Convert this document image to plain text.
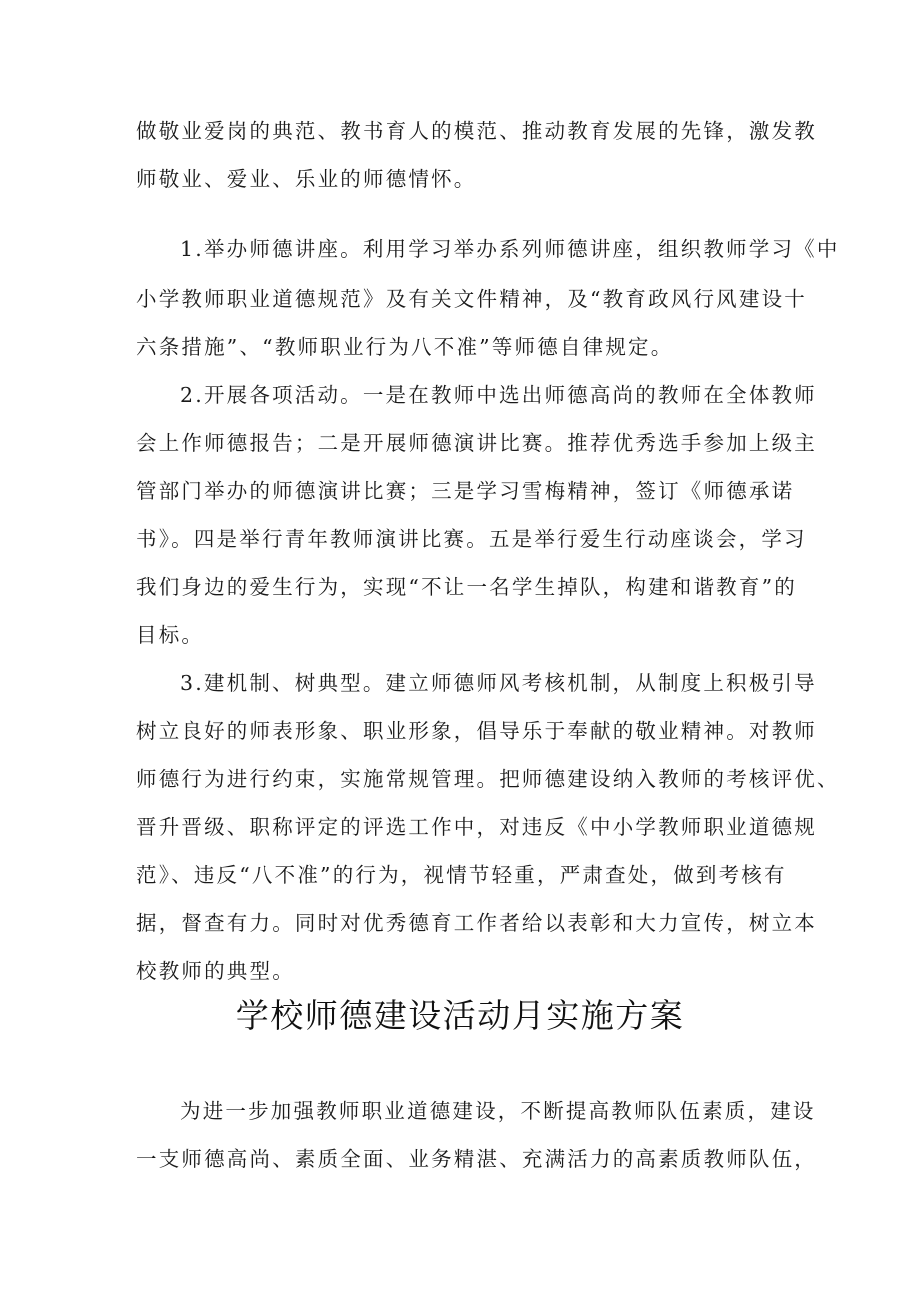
做敬业爱岗的典范、教书育人的模范、推动教育发展的先锋，激发教
师敬业、爱业、乐业的师德情怀。
1.举办师德讲座。利用学习举办系列师德讲座，组织教师学习《中
小学教师职业道德规范》及有关文件精神，及“教育政风行风建设十
六条措施”、“教师职业行为八不准”等师德自律规定。
2.开展各项活动。一是在教师中选出师德高尚的教师在全体教师
会上作师德报告；二是开展师德演讲比赛。推荐优秀选手参加上级主
管部门举办的师德演讲比赛；三是学习雪梅精神，签订《师德承诺
书》。四是举行青年教师演讲比赛。五是举行爱生行动座谈会，学习
我们身边的爱生行为，实现“不让一名学生掉队，构建和谐教育”的
目标。
3.建机制、树典型。建立师德师风考核机制，从制度上积极引导
树立良好的师表形象、职业形象，倡导乐于奉献的敬业精神。对教师
师德行为进行约束，实施常规管理。把师德建设纳入教师的考核评优、
晋升晋级、职称评定的评选工作中，对违反《中小学教师职业道德规
范》、违反“八不准”的行为，视情节轻重，严肃查处，做到考核有
据，督查有力。同时对优秀德育工作者给以表彰和大力宣传，树立本
校教师的典型。
学校师德建设活动月实施方案
为进一步加强教师职业道德建设，不断提高教师队伍素质，建设
一支师德高尚、素质全面、业务精湛、充满活力的高素质教师队伍，
